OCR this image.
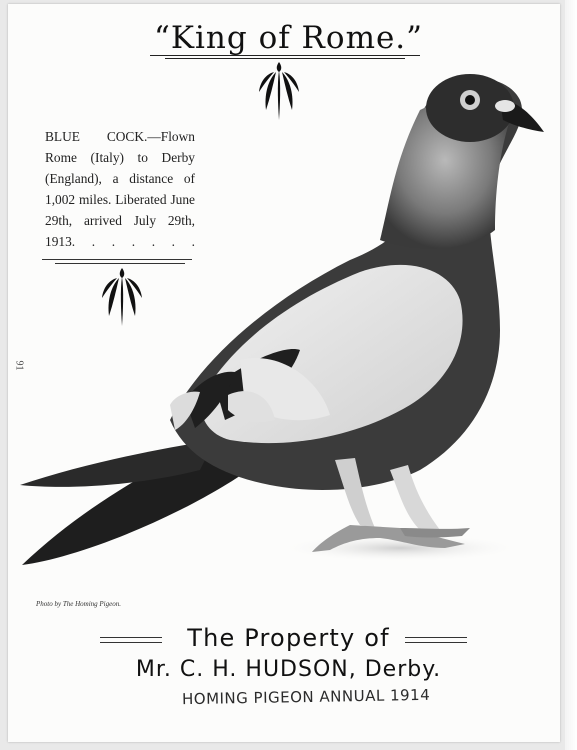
“King of Rome.”
BLUE COCK.—Flown Rome (Italy) to Derby (England), a distance of 1,002 miles. Liberated June 29th, arrived July 29th, 1913. . . . . . .
91
Photo by The Homing Pigeon.
The Property of
Mr. C. H. HUDSON, Derby.
HOMING PIGEON ANNUAL 1914
